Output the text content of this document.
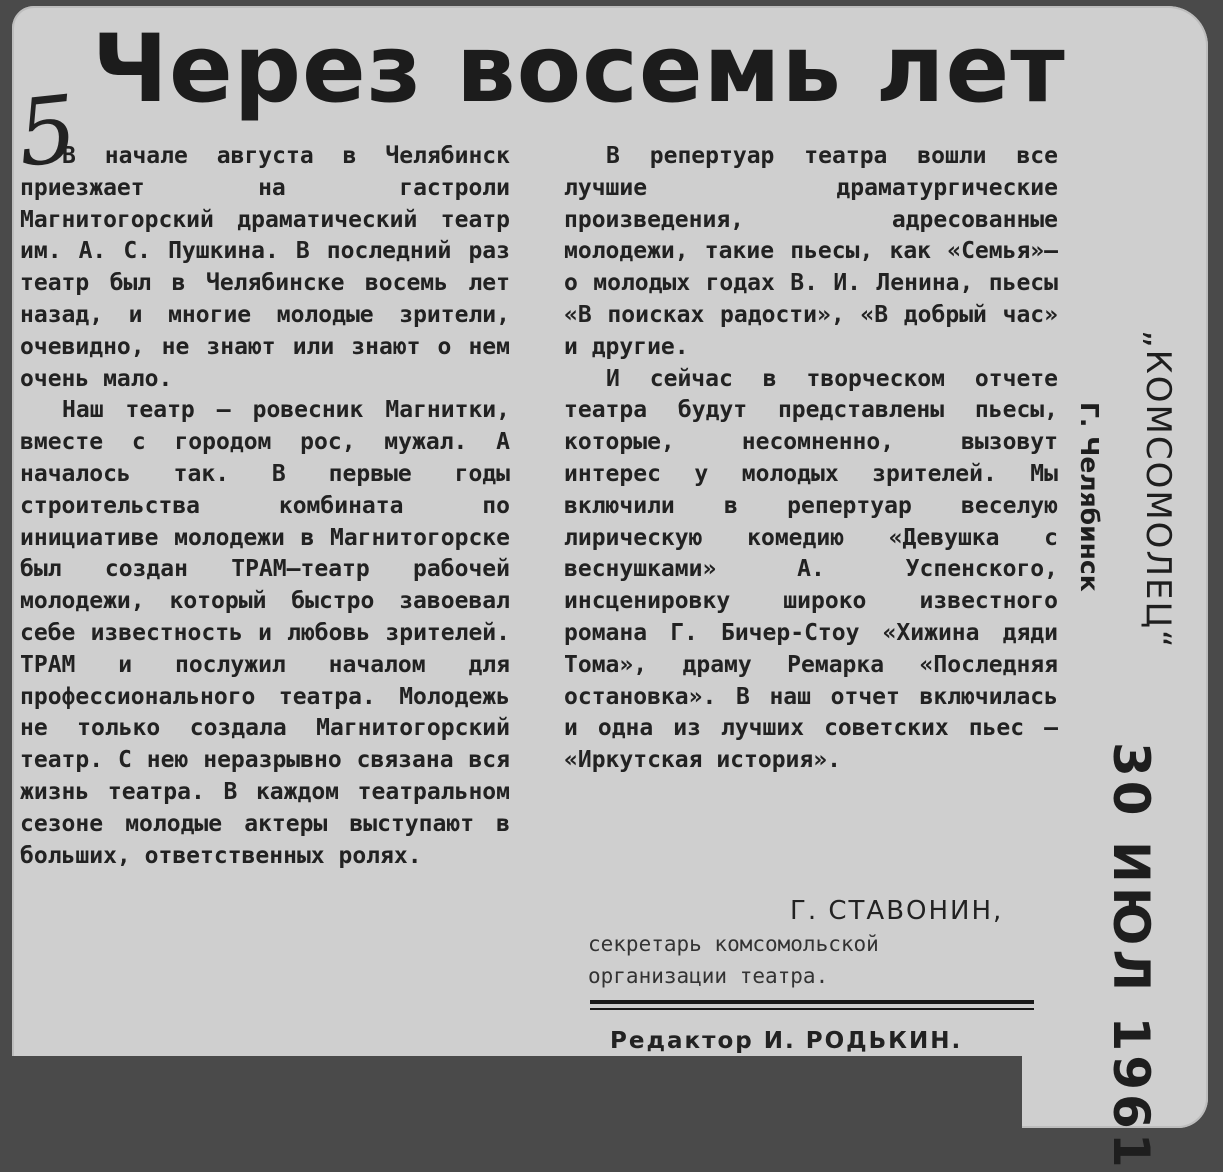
5
Через восемь лет

В начале августа в Челябинск приезжает на гастроли Магнитогорский драматический театр им. А. С. Пушкина. В последний раз театр был в Челябинске восемь лет назад, и многие молодые зрители, очевидно, не знают или знают о нем очень мало.

Наш театр — ровесник Магнитки, вместе с городом рос, мужал. А началось так. В первые годы строительства комбината по инициативе молодежи в Магнитогорске был создан ТРАМ—театр рабочей молодежи, который быстро завоевал себе известность и любовь зрителей. ТРАМ и послужил началом для профессионального театра. Молодежь не только создала Магнитогорский театр. С нею неразрывно связана вся жизнь театра. В каждом театральном сезоне молодые актеры выступают в больших, ответственных ролях.

В репертуар театра вошли все лучшие драматургические произведения, адресованные молодежи, такие пьесы, как «Семья»—о молодых годах В. И. Ленина, пьесы «В поисках радости», «В добрый час» и другие.

И сейчас в творческом отчете театра будут представлены пьесы, которые, несомненно, вызовут интерес у молодых зрителей. Мы включили в репертуар веселую лирическую комедию «Девушка с веснушками» А. Успенского, инсценировку широко известного романа Г. Бичер-Стоу «Хижина дяди Тома», драму Ремарка «Последняя остановка». В наш отчет включилась и одна из лучших советских пьес — «Иркутская история».

Г. СТАВОНИН,
секретарь комсомольской
организации театра.
Редактор И. РОДЬКИН.
„КОМСОМОЛЕЦ“
Г. Челябинск
30 ИЮЛ 1961
